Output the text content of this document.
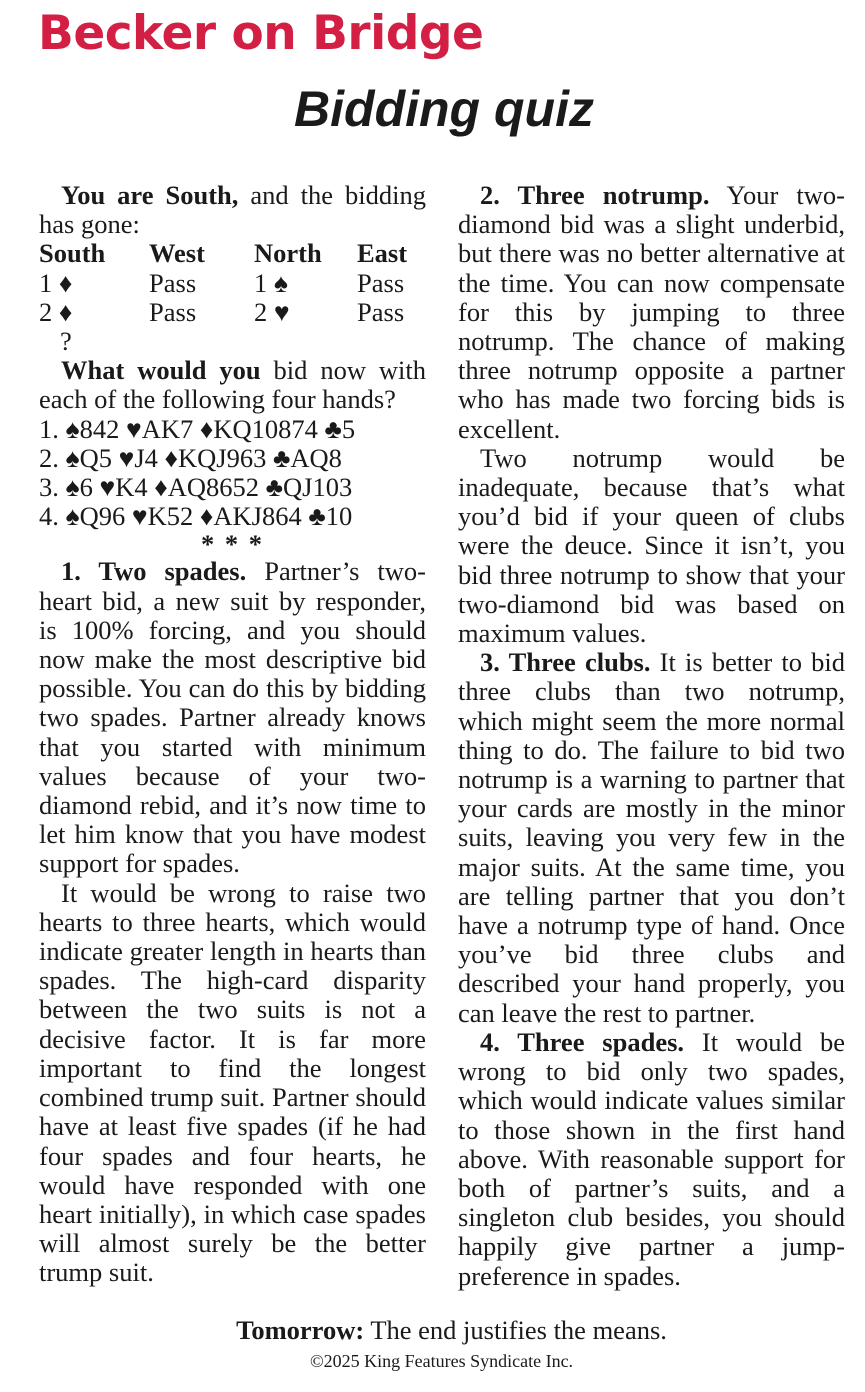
Becker on Bridge
Bidding quiz

You are South, and the bidding has gone:

South	West	North	East
1 ♦	Pass	1 ♠	Pass
2 ♦	Pass	2 ♥	Pass
?

What would you bid now with each of the following four hands?

1. ♠842 ♥AK7 ♦KQ10874 ♣5
2. ♠Q5 ♥J4 ♦KQJ963 ♣AQ8
3. ♠6 ♥K4 ♦AQ8652 ♣QJ103
4. ♠Q96 ♥K52 ♦AKJ864 ♣10
* * *

1. Two spades. Partner’s two-heart bid, a new suit by responder, is 100% forcing, and you should now make the most descriptive bid possible. You can do this by bidding two spades. Partner already knows that you started with minimum values because of your two-diamond rebid, and it’s now time to let him know that you have modest support for spades.

It would be wrong to raise two hearts to three hearts, which would indicate greater length in hearts than spades. The high-card disparity between the two suits is not a decisive factor. It is far more important to find the longest combined trump suit. Partner should have at least five spades (if he had four spades and four hearts, he would have responded with one heart initially), in which case spades will almost surely be the better trump suit.

2. Three notrump. Your two-diamond bid was a slight underbid, but there was no better alternative at the time. You can now compensate for this by jumping to three notrump. The chance of making three notrump opposite a partner who has made two forcing bids is excellent.

Two notrump would be inadequate, because that’s what you’d bid if your queen of clubs were the deuce. Since it isn’t, you bid three notrump to show that your two-diamond bid was based on maximum values.

3. Three clubs. It is better to bid three clubs than two notrump, which might seem the more normal thing to do. The failure to bid two notrump is a warning to partner that your cards are mostly in the minor suits, leaving you very few in the major suits. At the same time, you are telling partner that you don’t have a notrump type of hand. Once you’ve bid three clubs and described your hand properly, you can leave the rest to partner.

4. Three spades. It would be wrong to bid only two spades, which would indicate values similar to those shown in the first hand above. With reasonable support for both of partner’s suits, and a singleton club besides, you should happily give partner a jump-preference in spades.

Tomorrow: The end justifies the means.
©2025 King Features Syndicate Inc.
